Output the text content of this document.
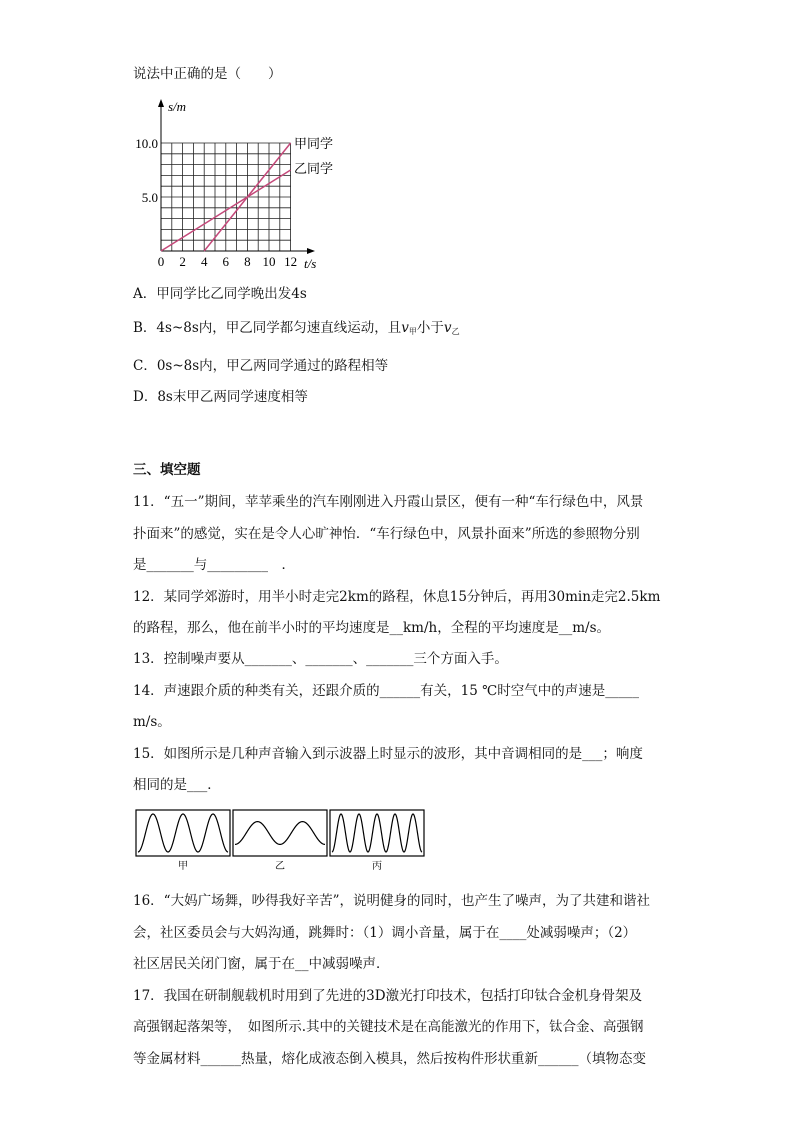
说法中正确的是（　　）
s/m
t/s
10.0
5.0
0 2 4 6 8 10 12
甲同学
乙同学
A．甲同学比乙同学晚出发4s
B．4s~8s内，甲乙同学都匀速直线运动，且$v_甲$小于$v_乙$
C．0s~8s内，甲乙两同学通过的路程相等
D．8s末甲乙两同学速度相等
三、填空题
11．“五一”期间，苹苹乘坐的汽车刚刚进入丹霞山景区，便有一种“车行绿色中，风景
扑面来”的感觉，实在是令人心旷神怡．“车行绿色中，风景扑面来”所选的参照物分别
是_______与_________　．
12．某同学郊游时，用半小时走完2km的路程，休息15分钟后，再用30min走完2.5km
的路程，那么，他在前半小时的平均速度是__km/h，全程的平均速度是__m/s。
13．控制噪声要从_______、_______、_______三个方面入手。
14．声速跟介质的种类有关，还跟介质的______有关，15 ℃时空气中的声速是_____
m/s。
15．如图所示是几种声音输入到示波器上时显示的波形，其中音调相同的是___；响度
相同的是___．
甲	乙	丙
16．“大妈广场舞，吵得我好辛苦”，说明健身的同时，也产生了噪声，为了共建和谐社
会，社区委员会与大妈沟通，跳舞时：（1）调小音量，属于在____处减弱噪声；（2）
社区居民关闭门窗，属于在__中减弱噪声．
17．我国在研制舰载机时用到了先进的3D激光打印技术，包括打印钛合金机身骨架及
高强钢起落架等，　如图所示.其中的关键技术是在高能激光的作用下，钛合金、高强钢
等金属材料______热量，熔化成液态倒入模具，然后按构件形状重新______（填物态变
